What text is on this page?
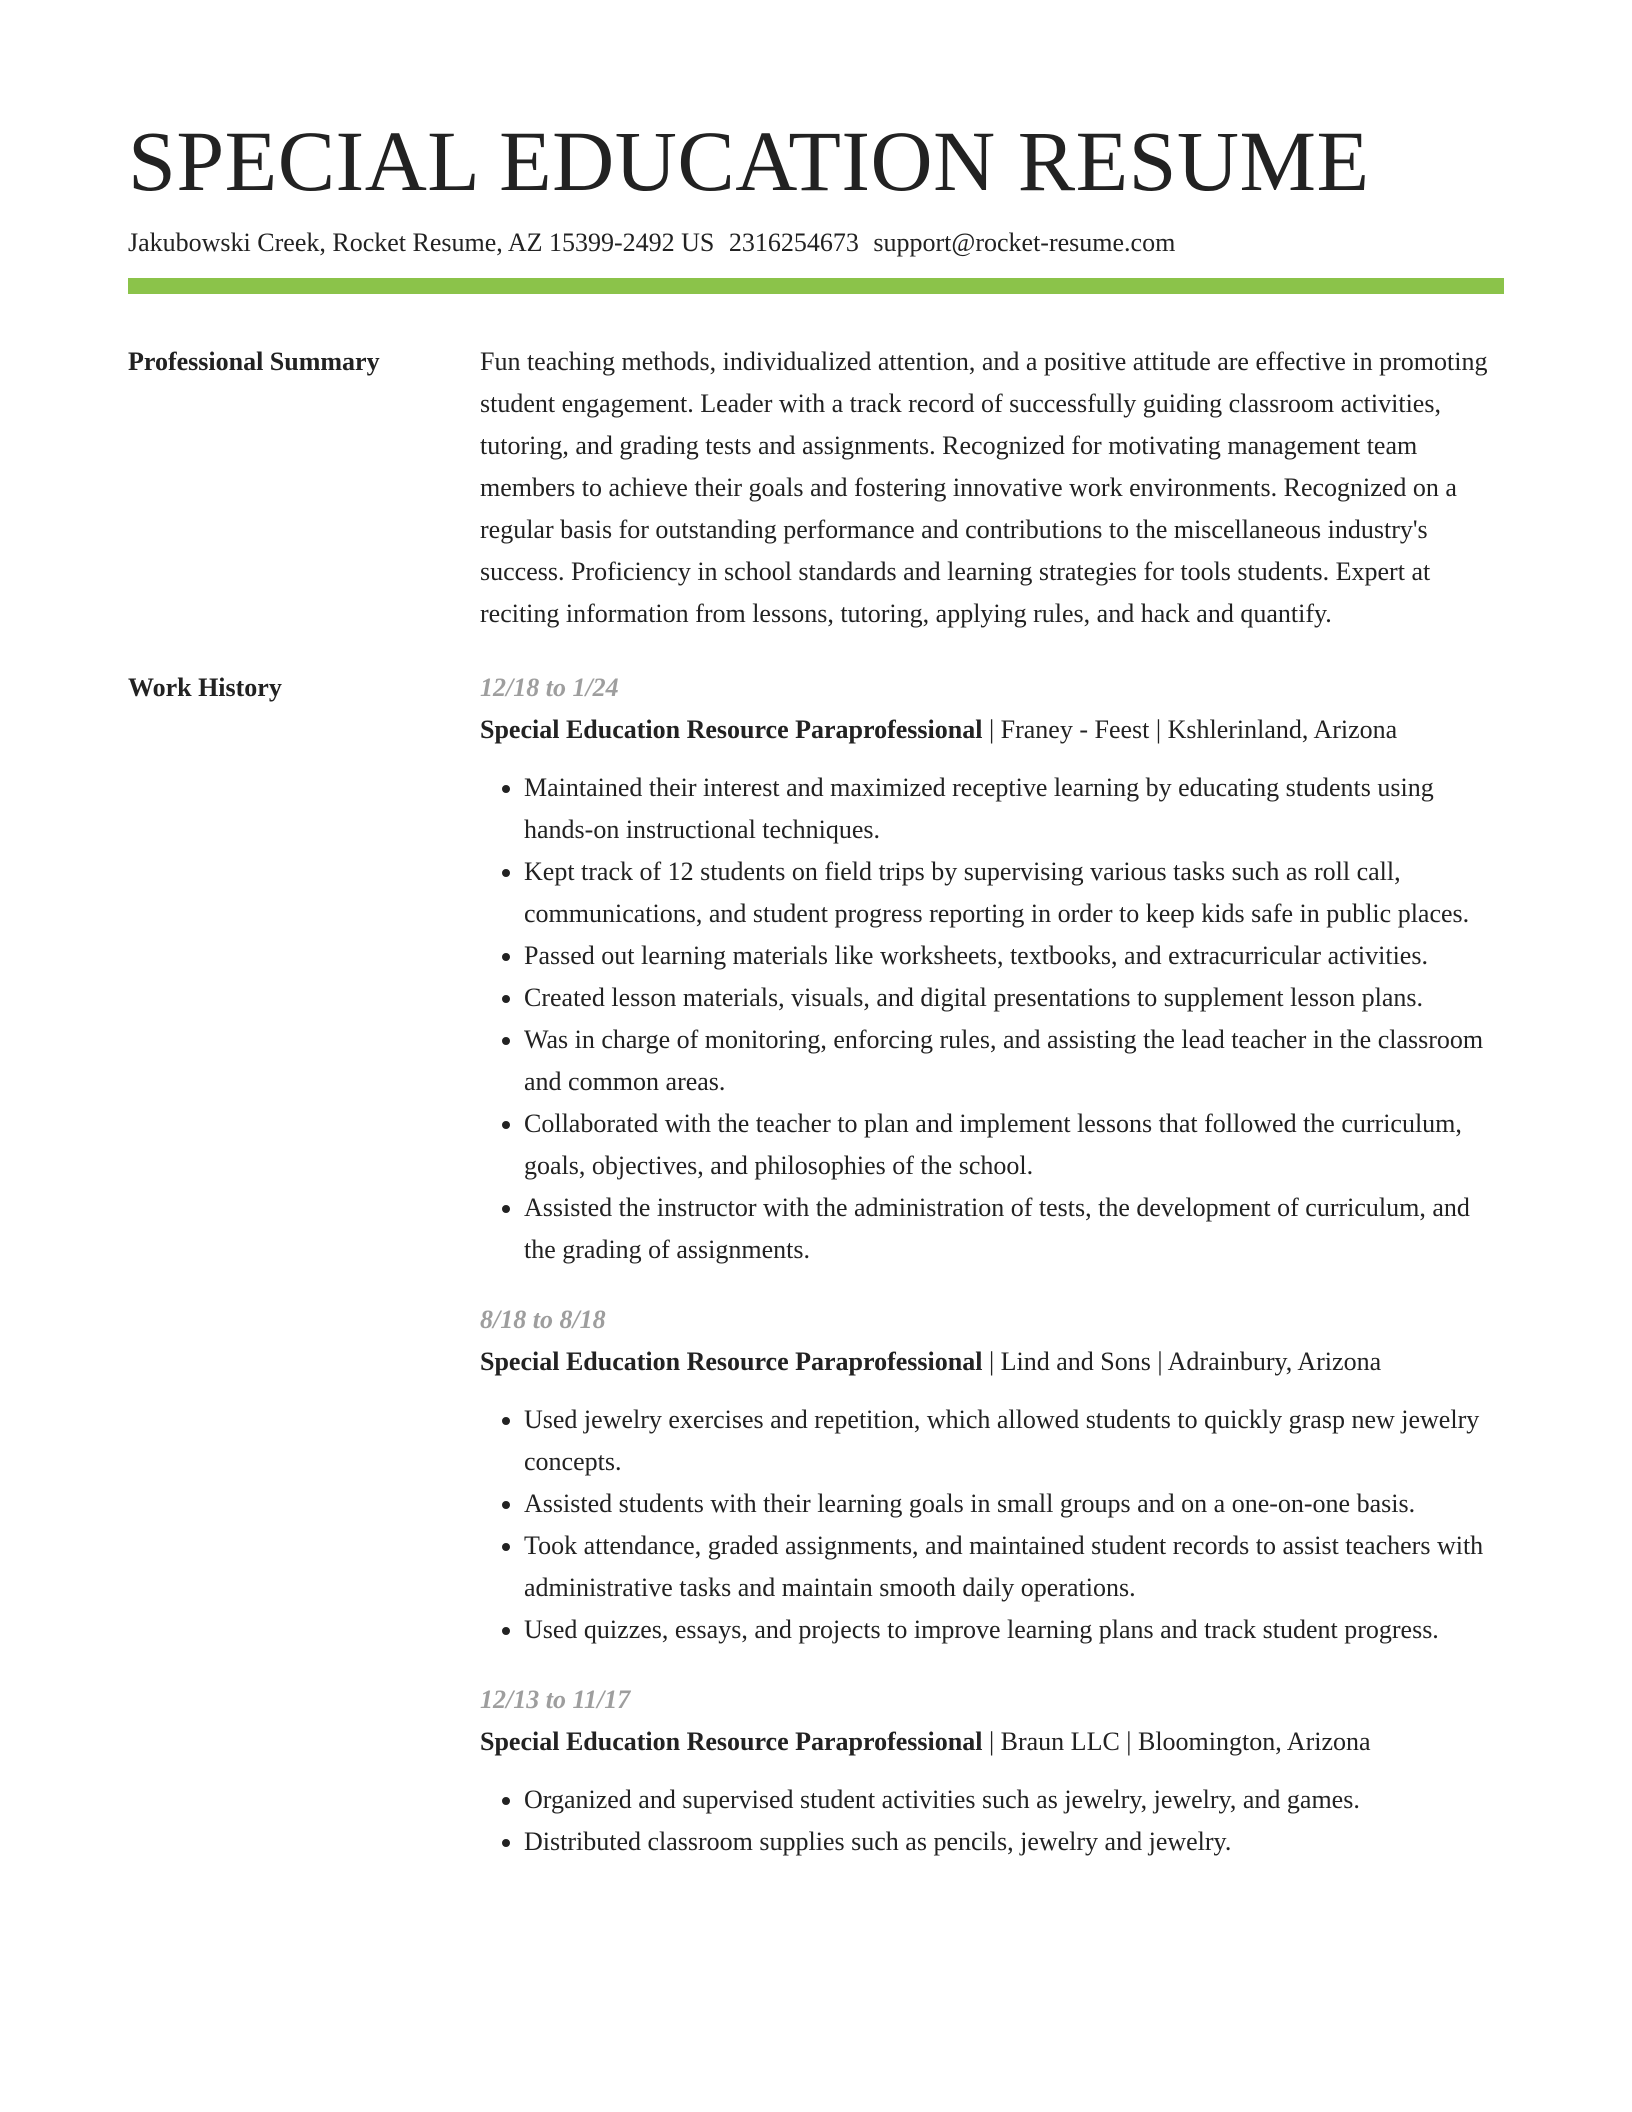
SPECIAL EDUCATION RESUME
Jakubowski Creek, Rocket Resume, AZ 15399-2492 US 2316254673 support@rocket-resume.com
Professional Summary	Fun teaching methods, individualized attention, and a positive attitude are effective in promoting student engagement. Leader with a track record of successfully guiding classroom activities, tutoring, and grading tests and assignments. Recognized for motivating management team members to achieve their goals and fostering innovative work environments. Recognized on a regular basis for outstanding performance and contributions to the miscellaneous industry's success. Proficiency in school standards and learning strategies for tools students. Expert at reciting information from lessons, tutoring, applying rules, and hack and quantify.
Work History	12/18 to 1/24
Special Education Resource Paraprofessional | Franey - Feest | Kshlerinland, Arizona
• Maintained their interest and maximized receptive learning by educating students using hands-on instructional techniques.
• Kept track of 12 students on field trips by supervising various tasks such as roll call, communications, and student progress reporting in order to keep kids safe in public places.
• Passed out learning materials like worksheets, textbooks, and extracurricular activities.
• Created lesson materials, visuals, and digital presentations to supplement lesson plans.
• Was in charge of monitoring, enforcing rules, and assisting the lead teacher in the classroom and common areas.
• Collaborated with the teacher to plan and implement lessons that followed the curriculum, goals, objectives, and philosophies of the school.
• Assisted the instructor with the administration of tests, the development of curriculum, and the grading of assignments.
8/18 to 8/18
Special Education Resource Paraprofessional | Lind and Sons | Adrainbury, Arizona
• Used jewelry exercises and repetition, which allowed students to quickly grasp new jewelry concepts.
• Assisted students with their learning goals in small groups and on a one-on-one basis.
• Took attendance, graded assignments, and maintained student records to assist teachers with administrative tasks and maintain smooth daily operations.
• Used quizzes, essays, and projects to improve learning plans and track student progress.
12/13 to 11/17
Special Education Resource Paraprofessional | Braun LLC | Bloomington, Arizona
• Organized and supervised student activities such as jewelry, jewelry, and games.
• Distributed classroom supplies such as pencils, jewelry and jewelry.
